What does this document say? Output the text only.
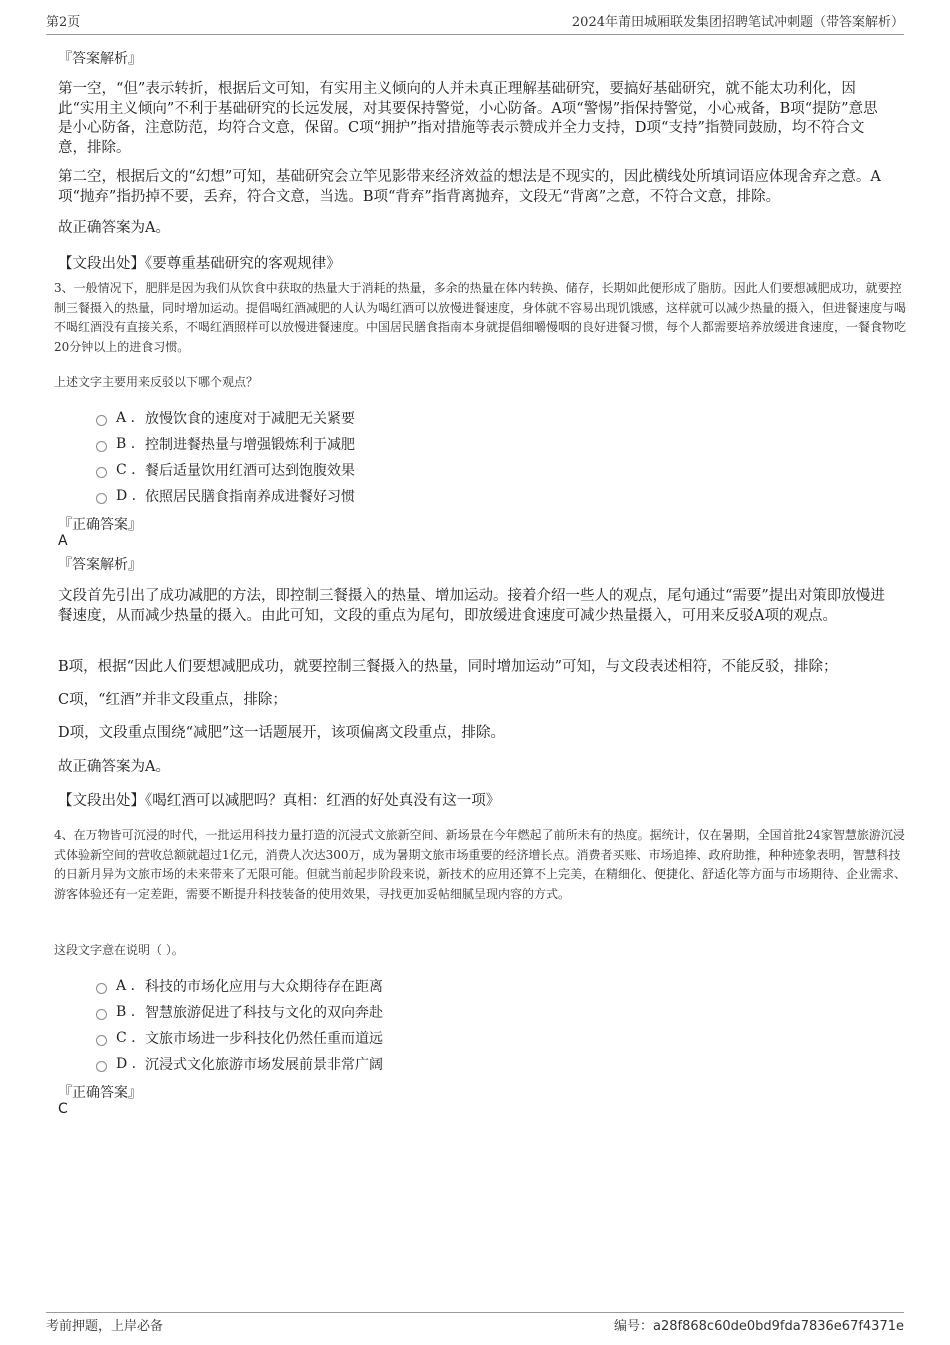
第2页	2024年莆田城厢联发集团招聘笔试冲刺题（带答案解析）
『答案解析』
第一空，“但”表示转折，根据后文可知，有实用主义倾向的人并未真正理解基础研究，要搞好基础研究，就不能太功利化，因此“实用主义倾向”不利于基础研究的长远发展，对其要保持警觉，小心防备。A项“警惕”指保持警觉，小心戒备，B项“提防”意思是小心防备，注意防范，均符合文意，保留。C项“拥护”指对措施等表示赞成并全力支持，D项“支持”指赞同鼓励，均不符合文意，排除。
第二空，根据后文的“幻想”可知，基础研究会立竿见影带来经济效益的想法是不现实的，因此横线处所填词语应体现舍弃之意。A项“抛弃”指扔掉不要，丢弃，符合文意，当选。B项“背弃”指背离抛弃，文段无“背离”之意，不符合文意，排除。
故正确答案为A。
【文段出处】《要尊重基础研究的客观规律》
3、一般情况下，肥胖是因为我们从饮食中获取的热量大于消耗的热量，多余的热量在体内转换、储存，长期如此便形成了脂肪。因此人们要想减肥成功，就要控制三餐摄入的热量，同时增加运动。提倡喝红酒减肥的人认为喝红酒可以放慢进餐速度，身体就不容易出现饥饿感，这样就可以减少热量的摄入，但进餐速度与喝不喝红酒没有直接关系，不喝红酒照样可以放慢进餐速度。中国居民膳食指南本身就提倡细嚼慢咽的良好进餐习惯，每个人都需要培养放缓进食速度，一餐食物吃20分钟以上的进食习惯。
上述文字主要用来反驳以下哪个观点？
A . 放慢饮食的速度对于减肥无关紧要
B . 控制进餐热量与增强锻炼利于减肥
C . 餐后适量饮用红酒可达到饱腹效果
D . 依照居民膳食指南养成进餐好习惯
『正确答案』
A
『答案解析』
文段首先引出了成功减肥的方法，即控制三餐摄入的热量、增加运动。接着介绍一些人的观点，尾句通过“需要”提出对策即放慢进餐速度，从而减少热量的摄入。由此可知，文段的重点为尾句，即放缓进食速度可减少热量摄入，可用来反驳A项的观点。
B项，根据“因此人们要想减肥成功，就要控制三餐摄入的热量，同时增加运动”可知，与文段表述相符，不能反驳，排除；
C项，“红酒”并非文段重点，排除；
D项，文段重点围绕“减肥”这一话题展开，该项偏离文段重点，排除。
故正确答案为A。
【文段出处】《喝红酒可以减肥吗？真相：红酒的好处真没有这一项》
4、在万物皆可沉浸的时代，一批运用科技力量打造的沉浸式文旅新空间、新场景在今年燃起了前所未有的热度。据统计，仅在暑期，全国首批24家智慧旅游沉浸式体验新空间的营收总额就超过1亿元，消费人次达300万，成为暑期文旅市场重要的经济增长点。消费者买账、市场追捧、政府助推，种种迹象表明，智慧科技的日新月异为文旅市场的未来带来了无限可能。但就当前起步阶段来说，新技术的应用还算不上完美，在精细化、便捷化、舒适化等方面与市场期待、企业需求、游客体验还有一定差距，需要不断提升科技装备的使用效果，寻找更加妥帖细腻呈现内容的方式。
这段文字意在说明（ ）。
A . 科技的市场化应用与大众期待存在距离
B . 智慧旅游促进了科技与文化的双向奔赴
C . 文旅市场进一步科技化仍然任重而道远
D . 沉浸式文化旅游市场发展前景非常广阔
『正确答案』
C
考前押题，上岸必备	编号：a28f868c60de0bd9fda7836e67f4371e
